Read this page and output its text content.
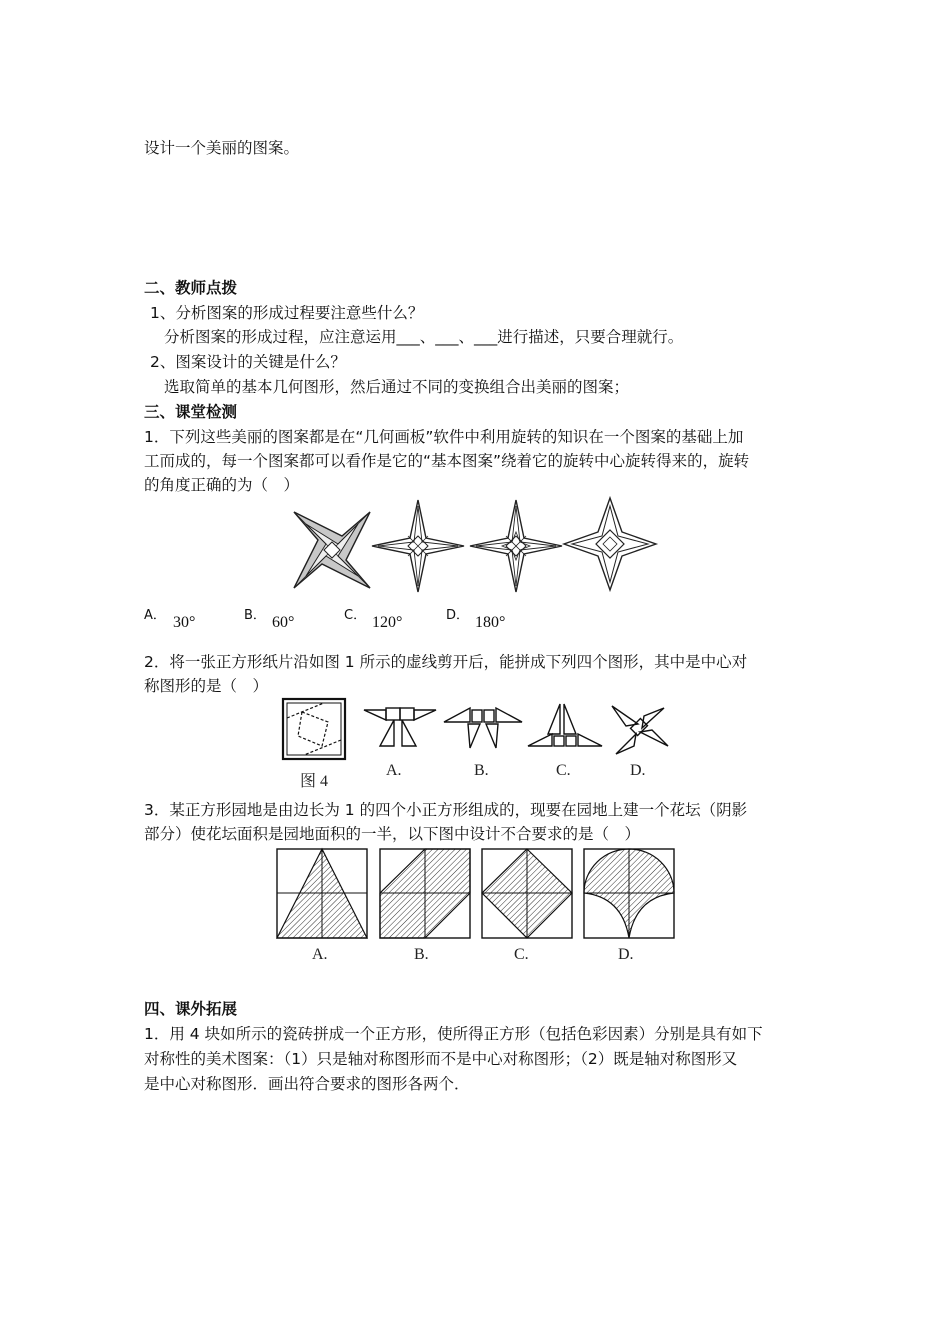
设计一个美丽的图案。
二、教师点拨
1、分析图案的形成过程要注意些什么？
分析图案的形成过程，应注意运用___、___、___进行描述，只要合理就行。
2、图案设计的关键是什么？
选取简单的基本几何图形，然后通过不同的变换组合出美丽的图案；
三、课堂检测
1．下列这些美丽的图案都是在“几何画板”软件中利用旋转的知识在一个图案的基础上加
工而成的，每一个图案都可以看作是它的“基本图案”绕着它的旋转中心旋转得来的，旋转
的角度正确的为（　）
A． 30°	B． 60°	C． 120°	D． 180°
2．将一张正方形纸片沿如图 1 所示的虚线剪开后，能拼成下列四个图形，其中是中心对
称图形的是（　）
图 4
A.	B.	C.	D.
3．某正方形园地是由边长为 1 的四个小正方形组成的，现要在园地上建一个花坛（阴影
部分）使花坛面积是园地面积的一半，以下图中设计不合要求的是（　）
A.	B.	C.	D.
四、课外拓展
1．用 4 块如所示的瓷砖拼成一个正方形，使所得正方形（包括色彩因素）分别是具有如下
对称性的美术图案：（1）只是轴对称图形而不是中心对称图形；（2）既是轴对称图形又
是中心对称图形．画出符合要求的图形各两个．
